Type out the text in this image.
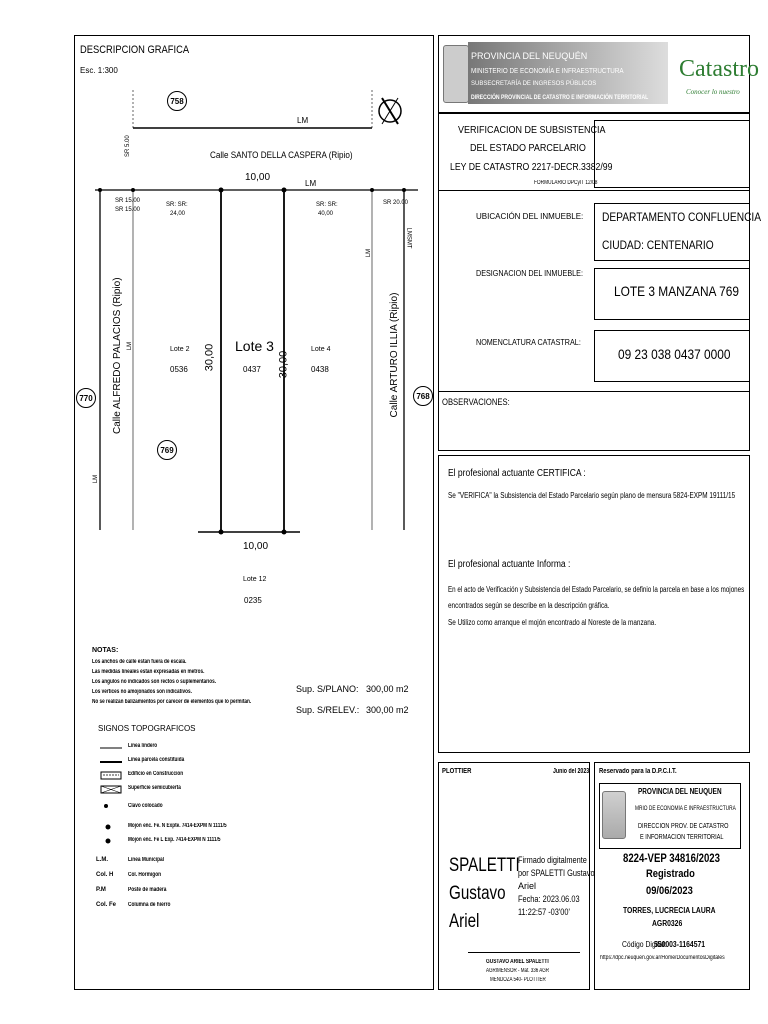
DESCRIPCION GRAFICA
Esc. 1:300
758
770
769
768
Calle SANTO DELLA CASPERA (Ripio)
LM
LM
Calle ALFREDO PALACIOS (Ripio)	Calle ARTURO ILLIA (Ripio)
10,00
10,00
30,00	30,00
Lote 3
0437
Lote 2
0536
Lote 4
0438
Lote 12
0235
SR 15.00
SR 15.00
SR: SR:
24,00
SR: SR:
40,00
SR 5.00
SR 20.00
LM
LM
LM
LMSMT
NOTAS:
Los anchos de calle estan fuera de escala.
Las medidas lineales estan expresadas en metros.
Los angulos no indicados son rectos o suplementarios.
Los vertices no amojonados son indicativos.
No se realizan balizamientos por carecer de elementos que lo permitan.
Sup. S/PLANO: 300,00 m2
Sup. S/RELEV.: 300,00 m2
SIGNOS TOPOGRAFICOS
Linea lindero
Linea parcela constituida
Edificio en Construccion
Superficie semicubierta
Clavo colocado
Mojon enc. Fe. N Expte. 7414-EXPM N 1111/5
Mojon enc. Fe L Exp. 7414-EXPM N 1111/5
L.M.	Linea Municipal
Col. H Col. Hormigon
P.M	Poste de madera
Col. Fe Columna de hierro
PROVINCIA DEL NEUQUÉN
MINISTERIO DE ECONOMÍA E INFRAESTRUCTURA
SUBSECRETARÍA DE INGRESOS PÚBLICOS
DIRECCIÓN PROVINCIAL DE CATASTRO E INFORMACIÓN TERRITORIAL
Catastro
Conocer lo nuestro
VERIFICACION DE SUBSISTENCIA
DEL ESTADO PARCELARIO
LEY DE CATASTRO 2217-DECR.3382/99
FORMULARIO DPCyIT 12/08
UBICACIÓN DEL INMUEBLE: DEPARTAMENTO CONFLUENCIA
CIUDAD: CENTENARIO
DESIGNACION DEL INMUEBLE:
LOTE 3 MANZANA 769
NOMENCLATURA CATASTRAL:
09 23 038 0437 0000
OBSERVACIONES:
El profesional actuante CERTIFICA :
Se "VERIFICA" la Subsistencia del Estado Parcelario según plano de mensura 5824-EXPM 19111/15
El profesional actuante Informa :
En el acto de Verificación y Subsistencia del Estado Parcelario, se definio la parcela en base a los mojones
encontrados según se describe en la descripción gráfica.
Se Utilizo como arranque el mojón encontrado al Noreste de la manzana.
PLOTTIER	Junio del 2023
SPALETTI
Gustavo
Ariel
Firmado digitalmente
por SPALETTI Gustavo
Ariel
Fecha: 2023.06.03
11:22:57 -03'00'
GUSTAVO ARIEL SPALETTI
AGRIMENSOR - Mat. 336 AGR
MENDOZA 540- PLOTTIER
Reservado para la D.P.C.I.T.
PROVINCIA DEL NEUQUEN
MRIO DE ECONOMÍA E INFRAESTRUCTURA
DIRECCION PROV. DE CATASTRO
E INFORMACION TERRITORIAL
8224-VEP 34816/2023
Registrado
09/06/2023
TORRES, LUCRECIA LAURA
AGR0326
Código Digital:
550003-1164571
https://dpc.neuquen.gov.ar/Home/DocumentosDigitales
